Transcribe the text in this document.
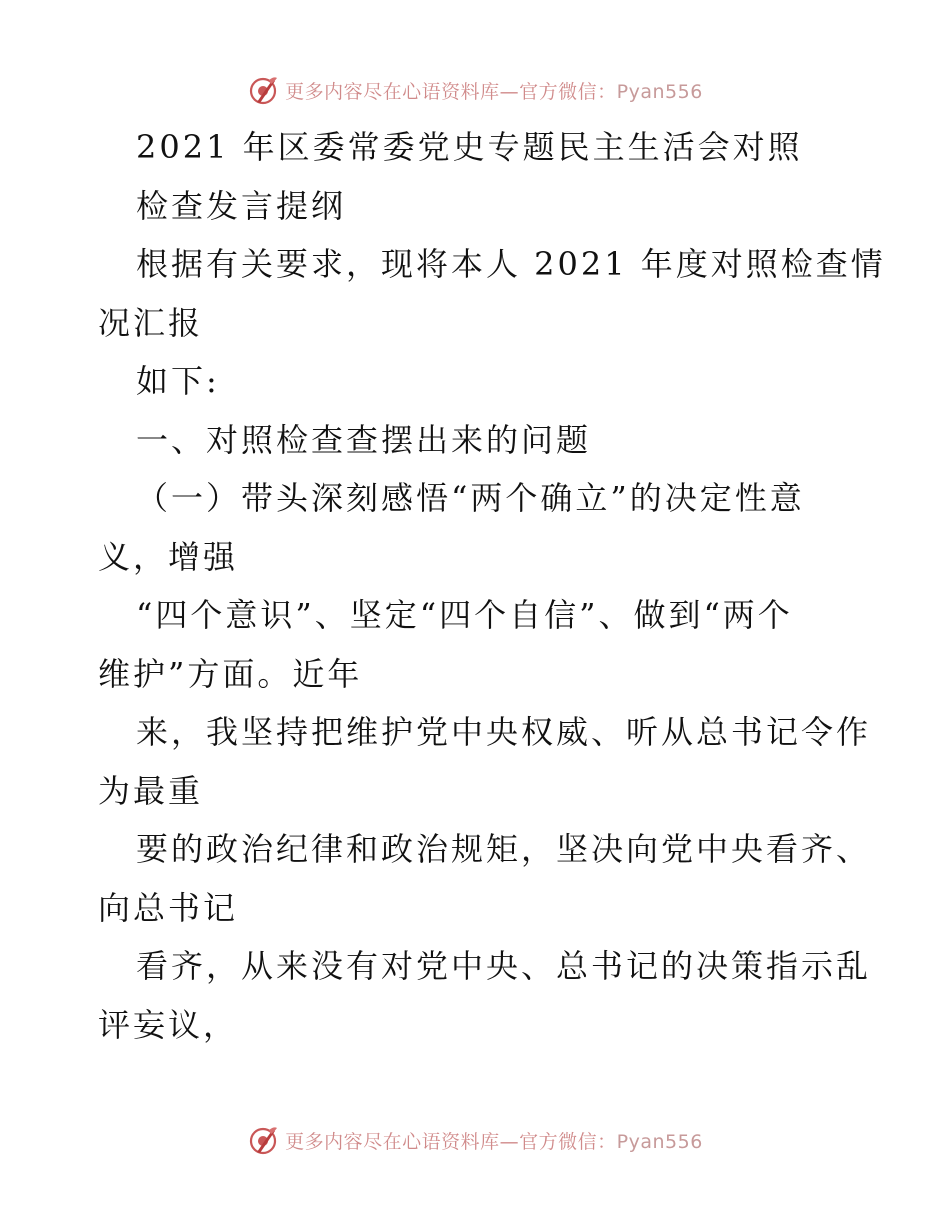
更多内容尽在心语资料库—官方微信：Pyan556
2021 年区委常委党史专题民主生活会对照
检查发言提纲
根据有关要求，现将本人 2021 年度对照检查情
况汇报
如下:
一、对照检查查摆出来的问题
（一）带头深刻感悟“两个确立”的决定性意
义，增强
“四个意识”、坚定“四个自信”、做到“两个
维护”方面。近年
来，我坚持把维护党中央权威、听从总书记令作
为最重
要的政治纪律和政治规矩，坚决向党中央看齐、
向总书记
看齐，从来没有对党中央、总书记的决策指示乱
评妄议，
更多内容尽在心语资料库—官方微信：Pyan556
